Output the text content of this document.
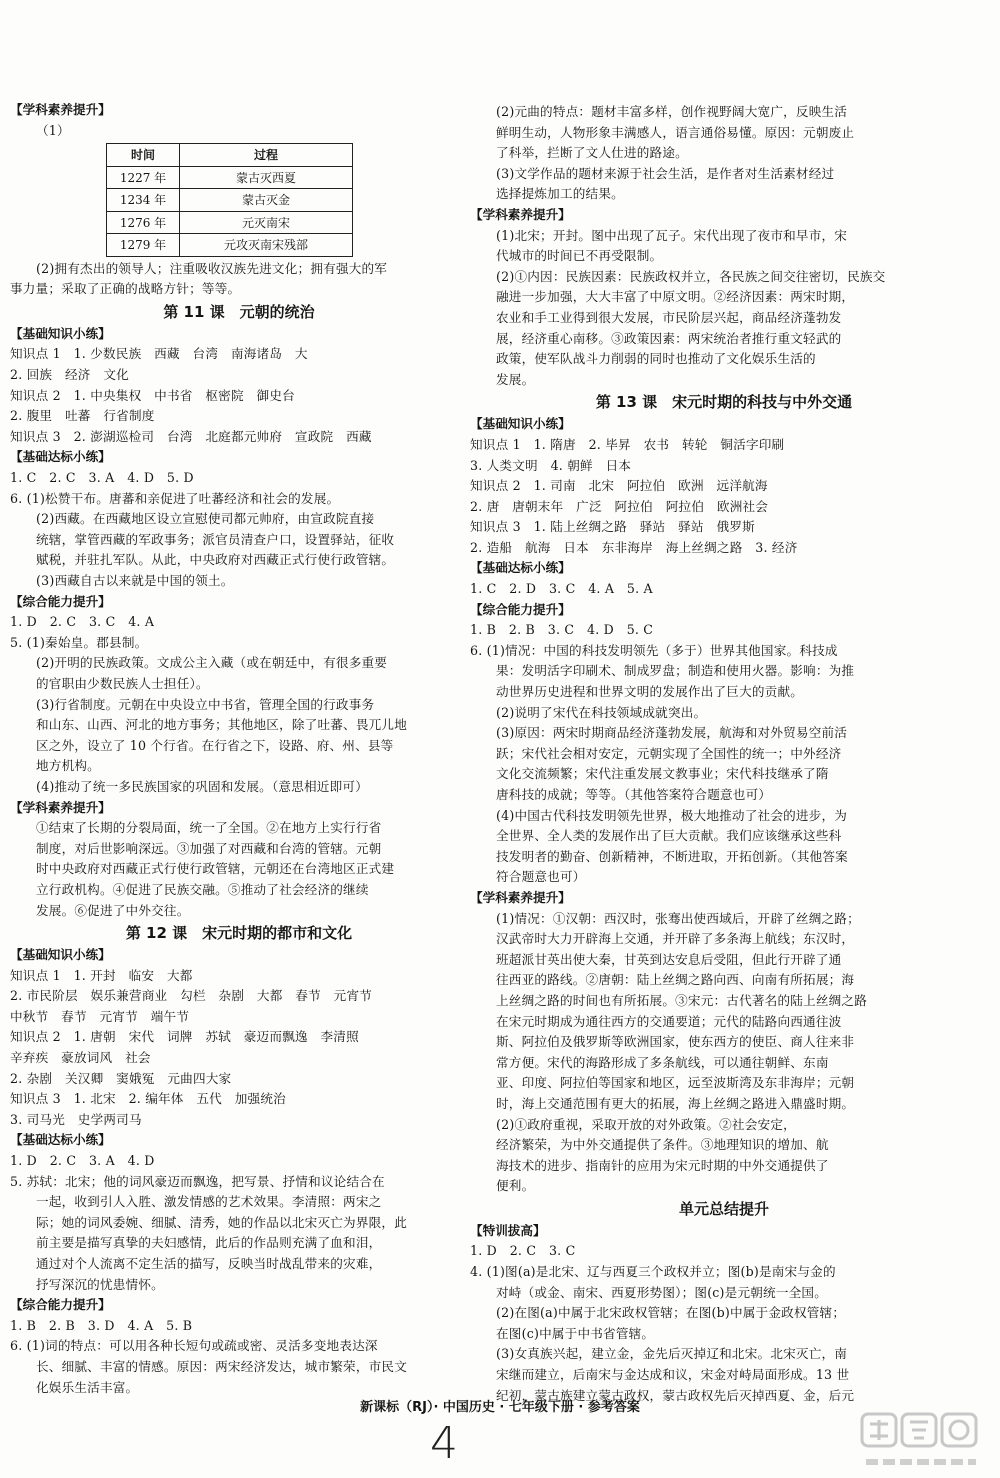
【学科素养提升】
（1）
时间	过程
1227 年	蒙古灭西夏
1234 年	蒙古灭金
1276 年	元灭南宋
1279 年	元攻灭南宋残部
(2)拥有杰出的领导人；注重吸收汉族先进文化；拥有强大的军
事力量；采取了正确的战略方针；等等。
第 11 课　元朝的统治
【基础知识小练】
知识点 1　1. 少数民族　西藏　台湾　南海诸岛　大
2. 回族　经济　文化
知识点 2　1. 中央集权　中书省　枢密院　御史台
2. 腹里　吐蕃　行省制度
知识点 3　2. 澎湖巡检司　台湾　北庭都元帅府　宣政院　西藏
【基础达标小练】
1. C　2. C　3. A　4. D　5. D
6. (1)松赞干布。唐蕃和亲促进了吐蕃经济和社会的发展。
(2)西藏。在西藏地区设立宣慰使司都元帅府，由宣政院直接
统辖，掌管西藏的军政事务；派官员清查户口，设置驿站，征收
赋税，并驻扎军队。从此，中央政府对西藏正式行使行政管辖。
(3)西藏自古以来就是中国的领土。
【综合能力提升】
1. D　2. C　3. C　4. A
5. (1)秦始皇。郡县制。
(2)开明的民族政策。文成公主入藏（或在朝廷中，有很多重要
的官职由少数民族人士担任）。
(3)行省制度。元朝在中央设立中书省，管理全国的行政事务
和山东、山西、河北的地方事务；其他地区，除了吐蕃、畏兀儿地
区之外，设立了 10 个行省。在行省之下，设路、府、州、县等
地方机构。
(4)推动了统一多民族国家的巩固和发展。（意思相近即可）
【学科素养提升】
①结束了长期的分裂局面，统一了全国。②在地方上实行行省
制度，对后世影响深远。③加强了对西藏和台湾的管辖。元朝
时中央政府对西藏正式行使行政管辖，元朝还在台湾地区正式建
立行政机构。④促进了民族交融。⑤推动了社会经济的继续
发展。⑥促进了中外交往。
第 12 课　宋元时期的都市和文化
【基础知识小练】
知识点 1　1. 开封　临安　大都
2. 市民阶层　娱乐兼营商业　勾栏　杂剧　大都　春节　元宵节
中秋节　春节　元宵节　端午节
知识点 2　1. 唐朝　宋代　词牌　苏轼　豪迈而飘逸　李清照
辛弃疾　豪放词风　社会
2. 杂剧　关汉卿　窦娥冤　元曲四大家
知识点 3　1. 北宋　2. 编年体　五代　加强统治
3. 司马光　史学两司马
【基础达标小练】
1. D　2. C　3. A　4. D
5. 苏轼：北宋；他的词风豪迈而飘逸，把写景、抒情和议论结合在
一起，收到引人入胜、激发情感的艺术效果。李清照：两宋之
际；她的词风委婉、细腻、清秀，她的作品以北宋灭亡为界限，此
前主要是描写真挚的夫妇感情，此后的作品则充满了血和泪，
通过对个人流离不定生活的描写，反映当时战乱带来的灾难，
抒写深沉的忧患情怀。
【综合能力提升】
1. B　2. B　3. D　4. A　5. B
6. (1)词的特点：可以用各种长短句或疏或密、灵活多变地表达深
长、细腻、丰富的情感。原因：两宋经济发达，城市繁荣，市民文
化娱乐生活丰富。
(2)元曲的特点：题材丰富多样，创作视野阔大宽广，反映生活
鲜明生动，人物形象丰满感人，语言通俗易懂。原因：元朝废止
了科举，拦断了文人仕进的路途。
(3)文学作品的题材来源于社会生活，是作者对生活素材经过
选择提炼加工的结果。
【学科素养提升】
(1)北宋；开封。图中出现了瓦子。宋代出现了夜市和早市，宋
代城市的时间已不再受限制。
(2)①内因：民族因素：民族政权并立，各民族之间交往密切，民族交
融进一步加强，大大丰富了中原文明。②经济因素：两宋时期，
农业和手工业得到很大发展，市民阶层兴起，商品经济蓬勃发
展，经济重心南移。③政策因素：两宋统治者推行重文轻武的
政策，使军队战斗力削弱的同时也推动了文化娱乐生活的
发展。
第 13 课　宋元时期的科技与中外交通
【基础知识小练】
知识点 1　1. 隋唐　2. 毕昇　农书　转轮　铜活字印刷
3. 人类文明　4. 朝鲜　日本
知识点 2　1. 司南　北宋　阿拉伯　欧洲　远洋航海
2. 唐　唐朝末年　广泛　阿拉伯　阿拉伯　欧洲社会
知识点 3　1. 陆上丝绸之路　驿站　驿站　俄罗斯
2. 造船　航海　日本　东非海岸　海上丝绸之路　3. 经济
【基础达标小练】
1. C　2. D　3. C　4. A　5. A
【综合能力提升】
1. B　2. B　3. C　4. D　5. C
6. (1)情况：中国的科技发明领先（多于）世界其他国家。科技成
果：发明活字印刷术、制成罗盘；制造和使用火器。影响：为推
动世界历史进程和世界文明的发展作出了巨大的贡献。
(2)说明了宋代在科技领域成就突出。
(3)原因：两宋时期商品经济蓬勃发展，航海和对外贸易空前活
跃；宋代社会相对安定，元朝实现了全国性的统一；中外经济
文化交流频繁；宋代注重发展文教事业；宋代科技继承了隋
唐科技的成就；等等。（其他答案符合题意也可）
(4)中国古代科技发明领先世界，极大地推动了社会的进步，为
全世界、全人类的发展作出了巨大贡献。我们应该继承这些科
技发明者的勤奋、创新精神，不断进取，开拓创新。（其他答案
符合题意也可）
【学科素养提升】
(1)情况：①汉朝：西汉时，张骞出使西域后，开辟了丝绸之路；
汉武帝时大力开辟海上交通，并开辟了多条海上航线；东汉时，
班超派甘英出使大秦，甘英到达安息后受阻，但此行开辟了通
往西亚的路线。②唐朝：陆上丝绸之路向西、向南有所拓展；海
上丝绸之路的时间也有所拓展。③宋元：古代著名的陆上丝绸之路
在宋元时期成为通往西方的交通要道；元代的陆路向西通往波
斯、阿拉伯及俄罗斯等欧洲国家，使东西方的使臣、商人往来非
常方便。宋代的海路形成了多条航线，可以通往朝鲜、东南
亚、印度、阿拉伯等国家和地区，远至波斯湾及东非海岸；元朝
时，海上交通范围有更大的拓展，海上丝绸之路进入鼎盛时期。
(2)①政府重视，采取开放的对外政策。②社会安定，
经济繁荣，为中外交通提供了条件。③地理知识的增加、航
海技术的进步、指南针的应用为宋元时期的中外交通提供了
便利。
单元总结提升
【特训拔高】
1. D　2. C　3. C
4. (1)图(a)是北宋、辽与西夏三个政权并立；图(b)是南宋与金的
对峙（或金、南宋、西夏形势图）；图(c)是元朝统一全国。
(2)在图(a)中属于北宋政权管辖；在图(b)中属于金政权管辖；
在图(c)中属于中书省管辖。
(3)女真族兴起，建立金，金先后灭掉辽和北宋。北宋灭亡，南
宋继而建立，后南宋与金达成和议，宋金对峙局面形成。13 世
纪初，蒙古族建立蒙古政权，蒙古政权先后灭掉西夏、金，后元
新课标（RJ）· 中国历史 · 七年级下册 · 参考答案
4
